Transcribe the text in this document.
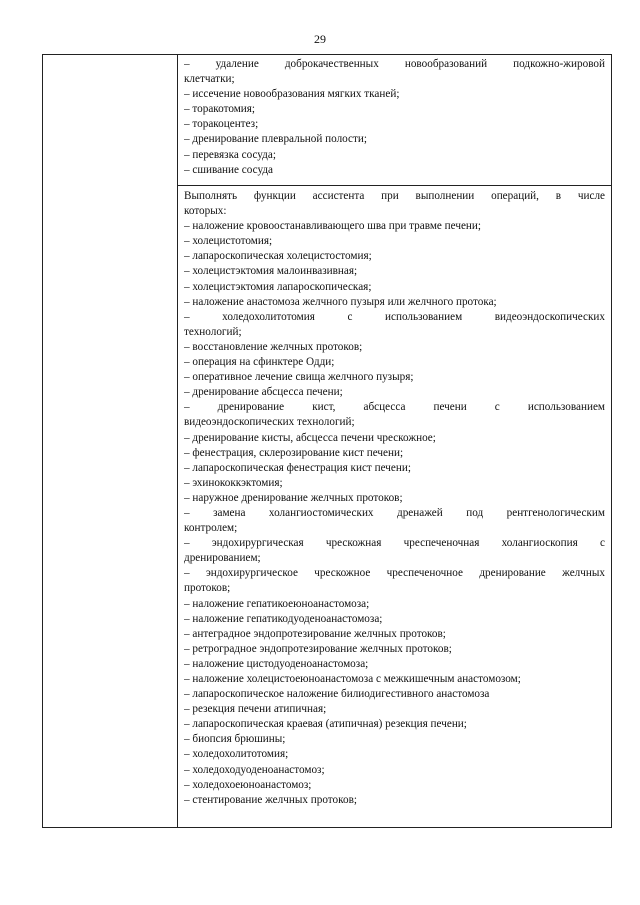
29
– удаление доброкачественных новообразований подкожно-жировой
клетчатки;
– иссечение новообразования мягких тканей;
– торакотомия;
– торакоцентез;
– дренирование плевральной полости;
– перевязка сосуда;
– сшивание сосуда
Выполнять функции ассистента при выполнении операций, в числе
которых:
– наложение кровоостанавливающего шва при травме печени;
– холецистотомия;
– лапароскопическая холецистостомия;
– холецистэктомия малоинвазивная;
– холецистэктомия лапароскопическая;
– наложение анастомоза желчного пузыря или желчного протока;
– холедохолитотомия с использованием видеоэндоскопических
технологий;
– восстановление желчных протоков;
– операция на сфинктере Одди;
– оперативное лечение свища желчного пузыря;
– дренирование абсцесса печени;
– дренирование кист, абсцесса печени с использованием
видеоэндоскопических технологий;
– дренирование кисты, абсцесса печени чрескожное;
– фенестрация, склерозирование кист печени;
– лапароскопическая фенестрация кист печени;
– эхинококкэктомия;
– наружное дренирование желчных протоков;
– замена холангиостомических дренажей под рентгенологическим
контролем;
– эндохирургическая чрескожная чреспеченочная холангиоскопия с
дренированием;
– эндохирургическое чрескожное чреспеченочное дренирование желчных
протоков;
– наложение гепатикоеюноанастомоза;
– наложение гепатикодуоденоанастомоза;
– антеградное эндопротезирование желчных протоков;
– ретроградное эндопротезирование желчных протоков;
– наложение цистодуоденоанастомоза;
– наложение холецистоеюноанастомоза с межкишечным анастомозом;
– лапароскопическое наложение билиодигестивного анастомоза
– резекция печени атипичная;
– лапароскопическая краевая (атипичная) резекция печени;
– биопсия брюшины;
– холедохолитотомия;
– холедоходуоденоанастомоз;
– холедохоеюноанастомоз;
– стентирование желчных протоков;
